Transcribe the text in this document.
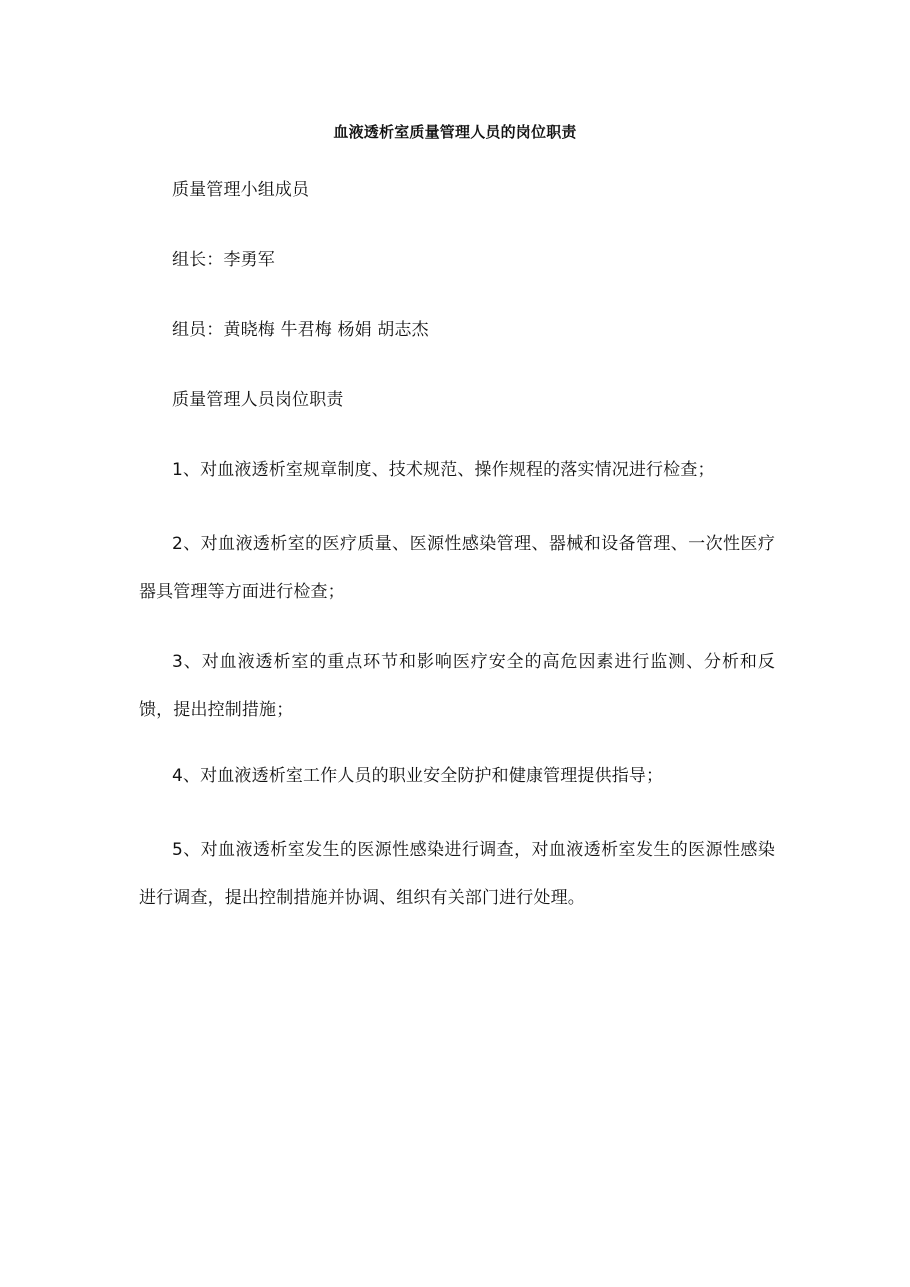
血液透析室质量管理人员的岗位职责

质量管理小组成员

组长：李勇军

组员：黄晓梅 牛君梅 杨娟 胡志杰

质量管理人员岗位职责

1、对血液透析室规章制度、技术规范、操作规程的落实情况进行检查；

2、对血液透析室的医疗质量、医源性感染管理、器械和设备管理、一次性医疗器具管理等方面进行检查；

3、对血液透析室的重点环节和影响医疗安全的高危因素进行监测、分析和反馈，提出控制措施；

4、对血液透析室工作人员的职业安全防护和健康管理提供指导；

5、对血液透析室发生的医源性感染进行调查，对血液透析室发生的医源性感染进行调查，提出控制措施并协调、组织有关部门进行处理。
